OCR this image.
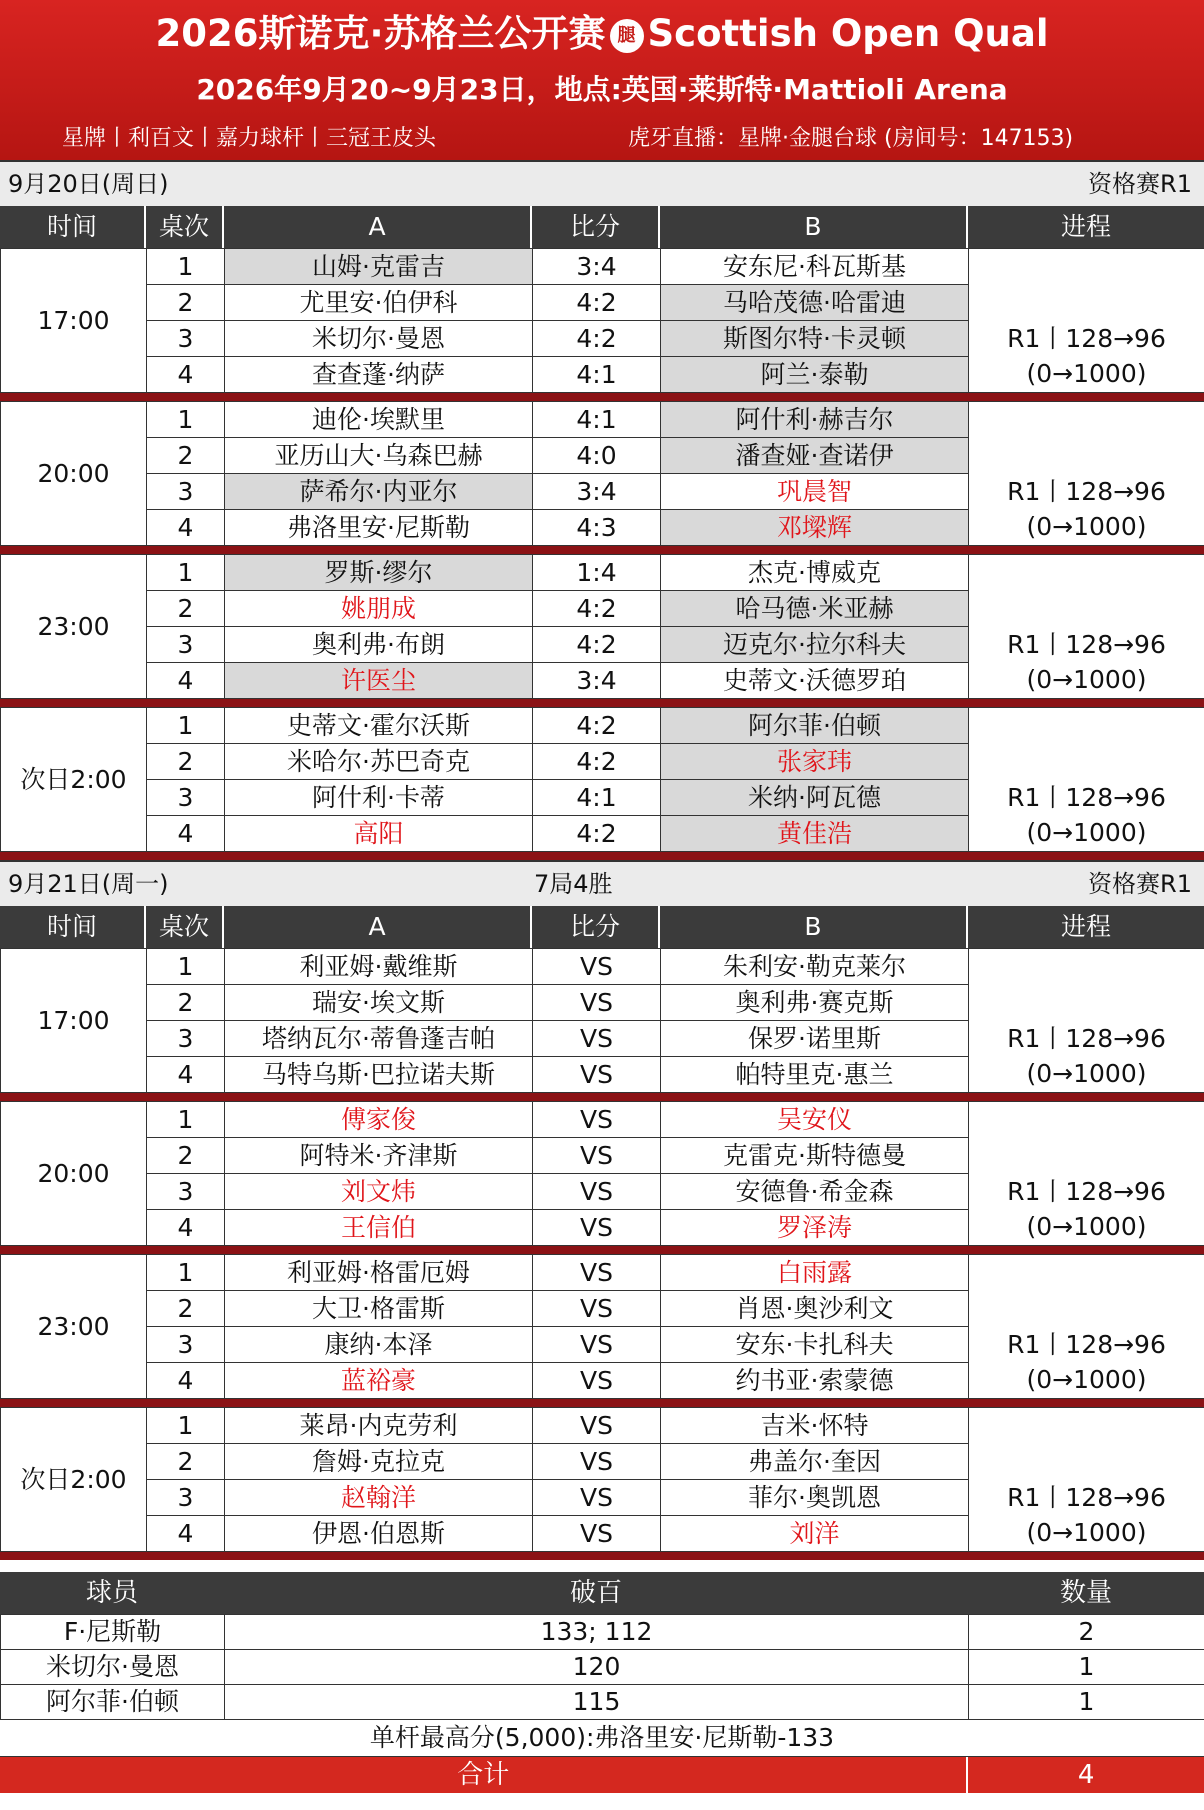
2026斯诺克·苏格兰公开赛 腿 Scottish Open Qual
2026年9月20~9月23日，地点:英国·莱斯特·Mattioli Arena
星牌丨利百文丨嘉力球杆丨三冠王皮头	虎牙直播：星牌·金腿台球 (房间号：147153)
9月20日(周日)	资格赛R1
时间	桌次	A	比分	B	进程
17:00	1	山姆·克雷吉	3:4	安东尼·科瓦斯基	R1丨128→96
(0→1000)

	2	尤里安·伯伊科	4:2	马哈茂德·哈雷迪	
	3	米切尔·曼恩	4:2	斯图尔特·卡灵顿	
	4	查查蓬·纳萨	4:1	阿兰·泰勒	
20:00	1	迪伦·埃默里	4:1	阿什利·赫吉尔	R1丨128→96
(0→1000)

	2	亚历山大·乌森巴赫	4:0	潘查娅·查诺伊	
	3	萨希尔·内亚尔	3:4	巩晨智	
	4	弗洛里安·尼斯勒	4:3	邓墚辉	
23:00	1	罗斯·缪尔	1:4	杰克·博威克	R1丨128→96
(0→1000)

	2	姚朋成	4:2	哈马德·米亚赫	
	3	奥利弗·布朗	4:2	迈克尔·拉尔科夫	
	4	许医尘	3:4	史蒂文·沃德罗珀	
次日2:00	1	史蒂文·霍尔沃斯	4:2	阿尔菲·伯顿	R1丨128→96
(0→1000)

	2	米哈尔·苏巴奇克	4:2	张家玮	
	3	阿什利·卡蒂	4:1	米纳·阿瓦德	
	4	高阳	4:2	黄佳浩	
9月21日(周一)	7局4胜	资格赛R1
时间	桌次	A	比分	B	进程
17:00	1	利亚姆·戴维斯	VS	朱利安·勒克莱尔	R1丨128→96
(0→1000)

	2	瑞安·埃文斯	VS	奥利弗·赛克斯	
	3	塔纳瓦尔·蒂鲁蓬吉帕	VS	保罗·诺里斯	
	4	马特乌斯·巴拉诺夫斯	VS	帕特里克·惠兰	
20:00	1	傅家俊	VS	吴安仪	R1丨128→96
(0→1000)

	2	阿特米·齐津斯	VS	克雷克·斯特德曼	
	3	刘文炜	VS	安德鲁·希金森	
	4	王信伯	VS	罗泽涛	
23:00	1	利亚姆·格雷厄姆	VS	白雨露	R1丨128→96
(0→1000)

	2	大卫·格雷斯	VS	肖恩·奥沙利文	
	3	康纳·本泽	VS	安东·卡扎科夫	
	4	蓝裕豪	VS	约书亚·索蒙德	
次日2:00	1	莱昂·内克劳利	VS	吉米·怀特	R1丨128→96
(0→1000)

	2	詹姆·克拉克	VS	弗盖尔·奎因	
	3	赵翰洋	VS	菲尔·奥凯恩	
	4	伊恩·伯恩斯	VS	刘洋	
球员	破百	数量
F·尼斯勒	133; 112	2
米切尔·曼恩	120	1
阿尔菲·伯顿	115	1
单杆最高分(5,000):弗洛里安·尼斯勒-133
合计	4
